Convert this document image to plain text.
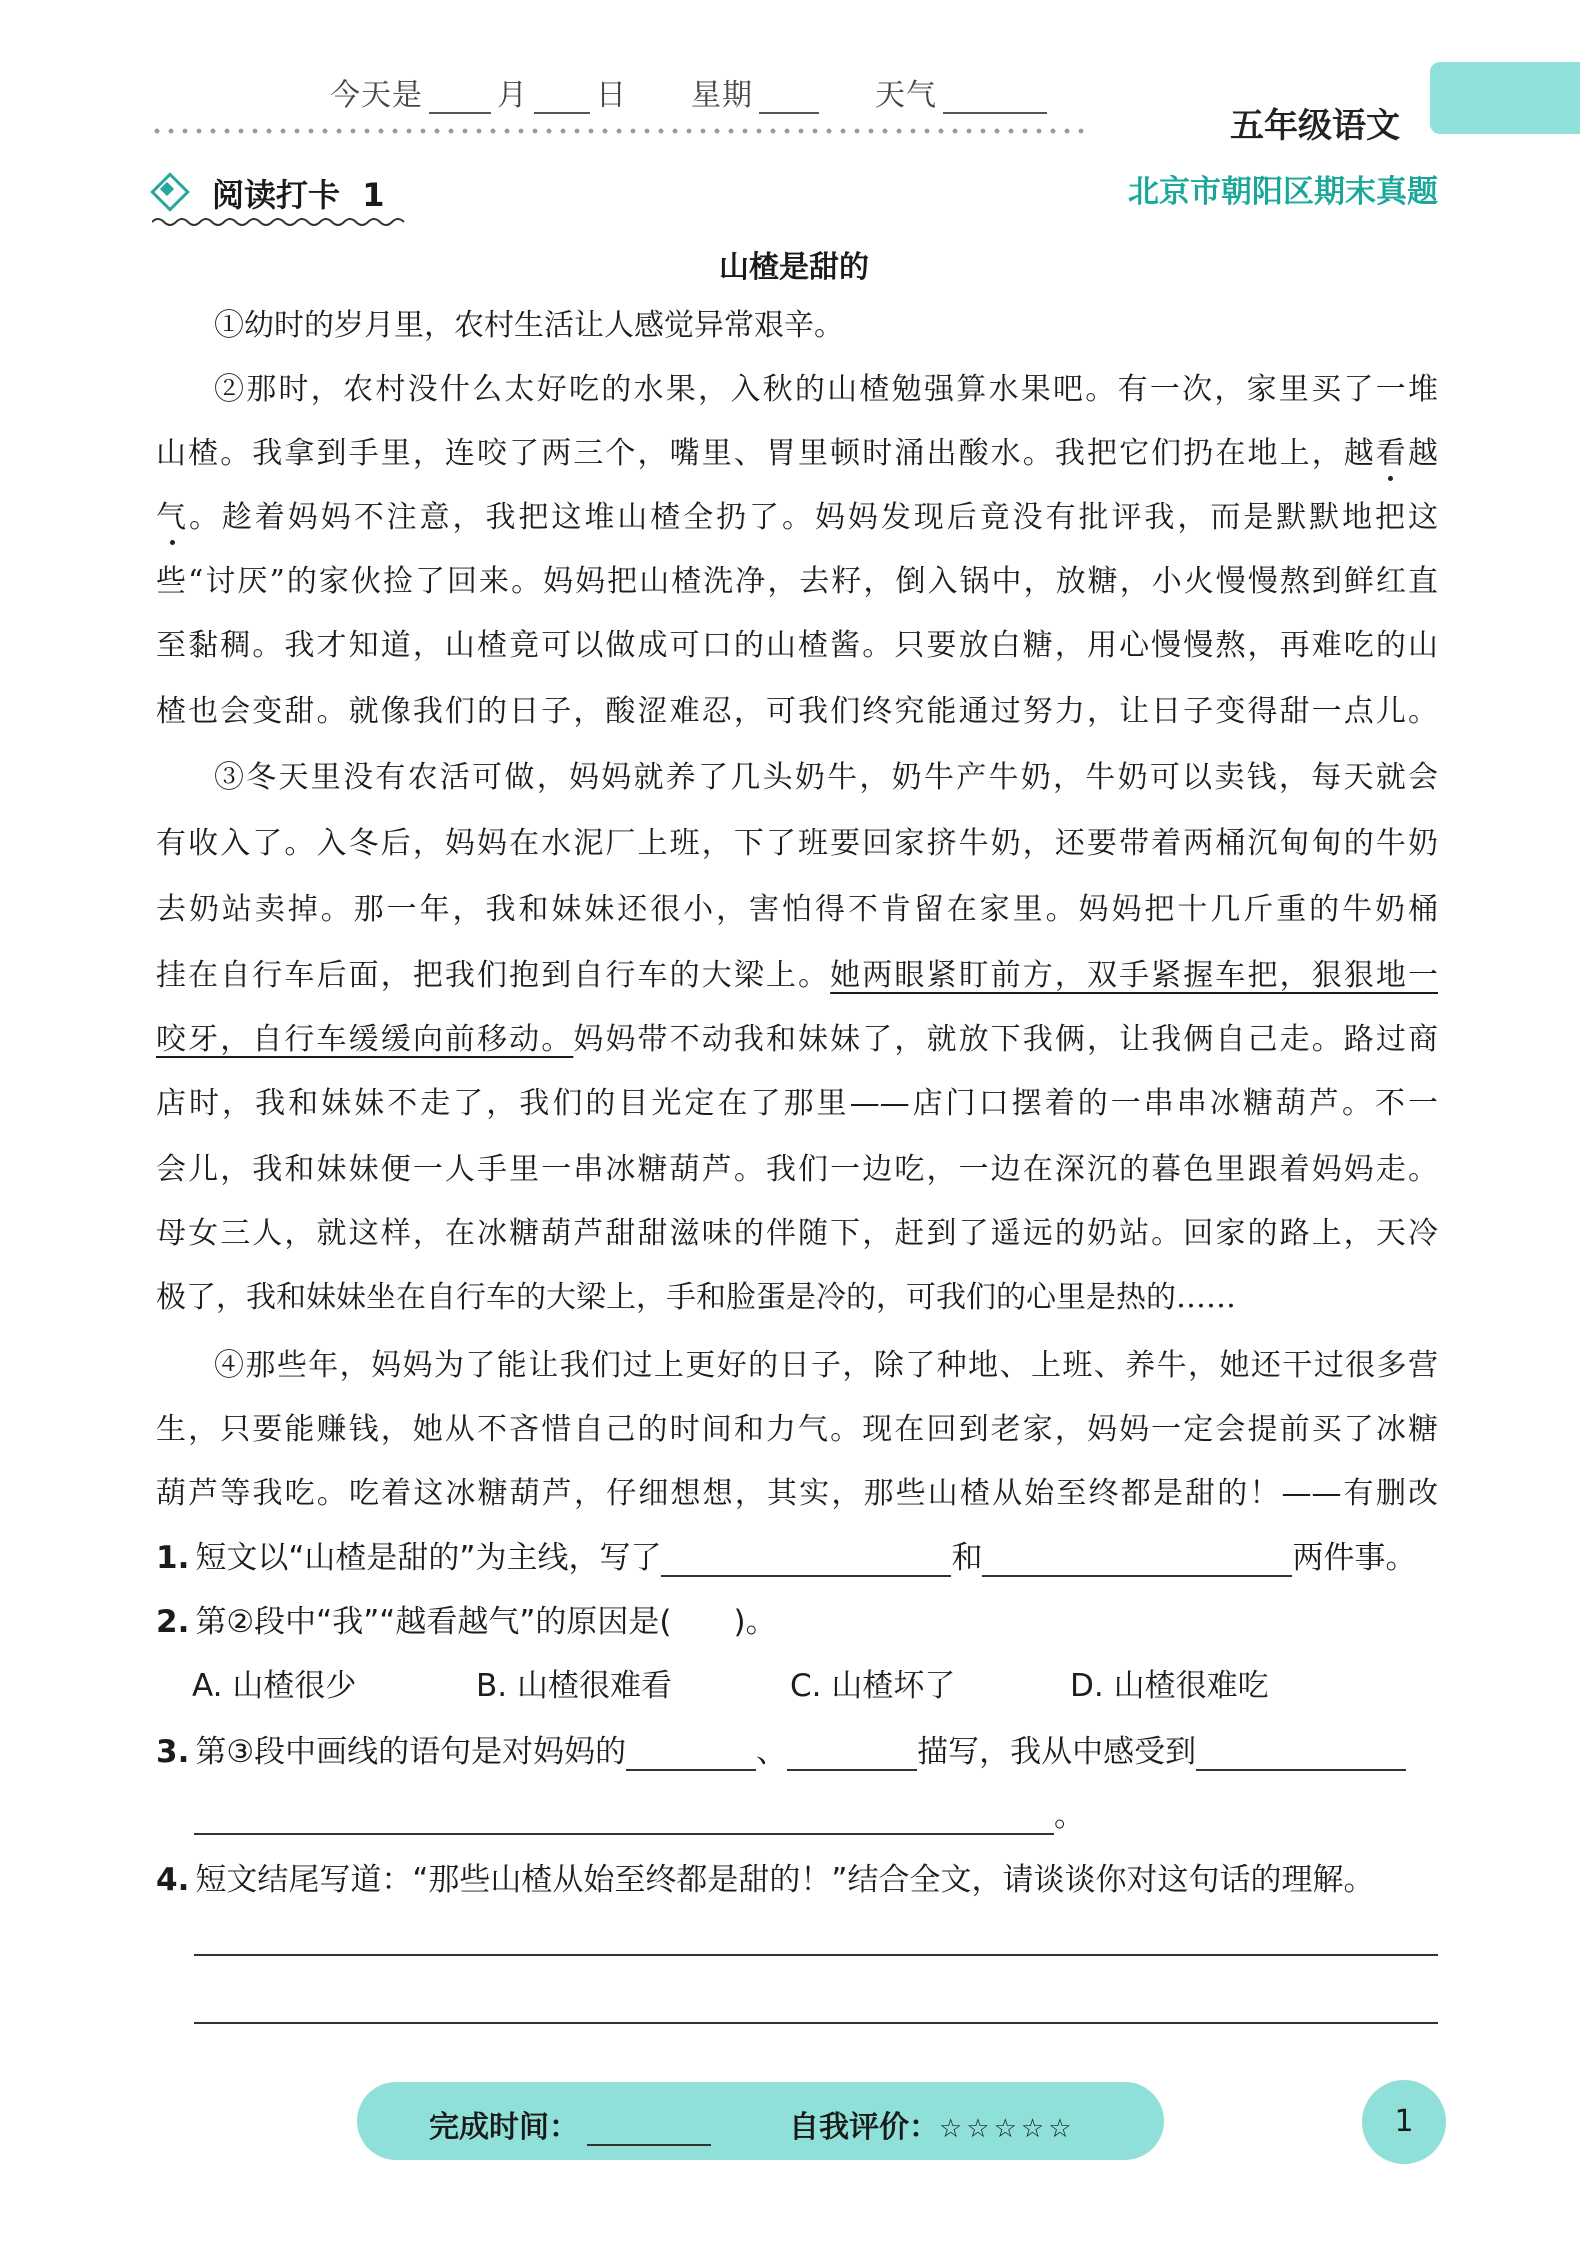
今天是 月 日 星期	天气
五年级语文
阅读打卡 1	北京市朝阳区期末真题
山楂是甜的
①幼时的岁月里，农村生活让人感觉异常艰辛。
②那时，农村没什么太好吃的水果，入秋的山楂勉强算水果吧。有一次，家里买了一堆
山楂。我拿到手里，连咬了两三个，嘴里、胃里顿时涌出酸水。我把它们扔在地上，越看越
气。趁着妈妈不注意，我把这堆山楂全扔了。妈妈发现后竟没有批评我，而是默默地把这
些“讨厌”的家伙捡了回来。妈妈把山楂洗净，去籽，倒入锅中，放糖，小火慢慢熬到鲜红直
至黏稠。我才知道，山楂竟可以做成可口的山楂酱。只要放白糖，用心慢慢熬，再难吃的山
楂也会变甜。就像我们的日子，酸涩难忍，可我们终究能通过努力，让日子变得甜一点儿。
③冬天里没有农活可做，妈妈就养了几头奶牛，奶牛产牛奶，牛奶可以卖钱，每天就会
有收入了。入冬后，妈妈在水泥厂上班，下了班要回家挤牛奶，还要带着两桶沉甸甸的牛奶
去奶站卖掉。那一年，我和妹妹还很小，害怕得不肯留在家里。妈妈把十几斤重的牛奶桶
挂在自行车后面，把我们抱到自行车的大梁上。她两眼紧盯前方，双手紧握车把，狠狠地一
咬牙，自行车缓缓向前移动。妈妈带不动我和妹妹了，就放下我俩，让我俩自己走。路过商
店时，我和妹妹不走了，我们的目光定在了那里——店门口摆着的一串串冰糖葫芦。不一
会儿，我和妹妹便一人手里一串冰糖葫芦。我们一边吃，一边在深沉的暮色里跟着妈妈走。
母女三人，就这样，在冰糖葫芦甜甜滋味的伴随下，赶到了遥远的奶站。回家的路上，天冷
极了，我和妹妹坐在自行车的大梁上，手和脸蛋是冷的，可我们的心里是热的……
④那些年，妈妈为了能让我们过上更好的日子，除了种地、上班、养牛，她还干过很多营
生，只要能赚钱，她从不吝惜自己的时间和力气。现在回到老家，妈妈一定会提前买了冰糖
葫芦等我吃。吃着这冰糖葫芦，仔细想想，其实，那些山楂从始至终都是甜的！——有删改
1. 短文以“山楂是甜的”为主线，写了	和	两件事。
2. 第②段中“我”“越看越气”的原因是(　　)。
A. 山楂很少	B. 山楂很难看	C. 山楂坏了	D. 山楂很难吃
3. 第③段中画线的语句是对妈妈的	、	描写，我从中感受到
。
4. 短文结尾写道：“那些山楂从始至终都是甜的！”结合全文，请谈谈你对这句话的理解。
完成时间：	自我评价：☆☆☆☆☆	1
